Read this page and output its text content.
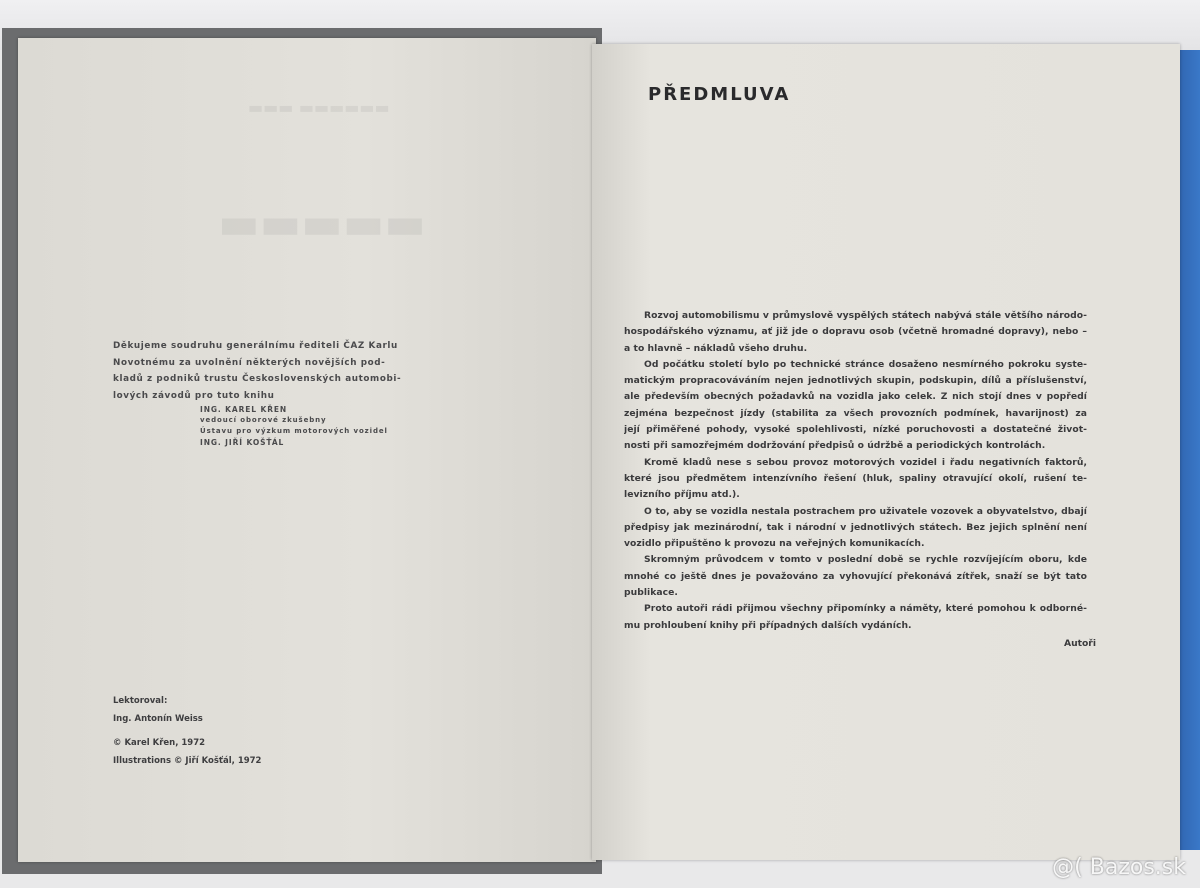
▬▬▬ ▬▬▬▬▬▬
▬▬▬▬▬
Děkujeme soudruhu generálnímu řediteli ČAZ Karlu
Novotnému za uvolnění některých novějších pod-
kladů z podniků trustu Československých automobi-
lových závodů pro tuto knihu
ING. KAREL KŘEN
vedoucí oborové zkušebny
Ústavu pro výzkum motorových vozidel
ING. JIŘÍ KOŠŤÁL
Lektoroval:
Ing. Antonín Weiss
© Karel Křen, 1972
Illustrations © Jiří Košťál, 1972
PŘEDMLUVA
Rozvoj automobilismu v průmyslově vyspělých státech nabývá stále většího národo-
hospodářského významu, ať již jde o dopravu osob (včetně hromadné dopravy), nebo –
a to hlavně – nákladů všeho druhu.
Od počátku století bylo po technické stránce dosaženo nesmírného pokroku syste-
matickým propracováváním nejen jednotlivých skupin, podskupin, dílů a příslušenství,
ale především obecných požadavků na vozidla jako celek. Z nich stojí dnes v popředí
zejména bezpečnost jízdy (stabilita za všech provozních podmínek, havarijnost) za
její přiměřené pohody, vysoké spolehlivosti, nízké poruchovosti a dostatečné život-
nosti při samozřejmém dodržování předpisů o údržbě a periodických kontrolách.
Kromě kladů nese s sebou provoz motorových vozidel i řadu negativních faktorů,
které jsou předmětem intenzívního řešení (hluk, spaliny otravující okolí, rušení te-
levizního příjmu atd.).
O to, aby se vozidla nestala postrachem pro uživatele vozovek a obyvatelstvo, dbají
předpisy jak mezinárodní, tak i národní v jednotlivých státech. Bez jejich splnění není
vozidlo připuštěno k provozu na veřejných komunikacích.
Skromným průvodcem v tomto v poslední době se rychle rozvíjejícím oboru, kde
mnohé co ještě dnes je považováno za vyhovující překonává zítřek, snaží se být tato
publikace.
Proto autoři rádi přijmou všechny připomínky a náměty, které pomohou k odborné-
mu prohloubení knihy při případných dalších vydáních.
Autoři
@( Bazos.sk
